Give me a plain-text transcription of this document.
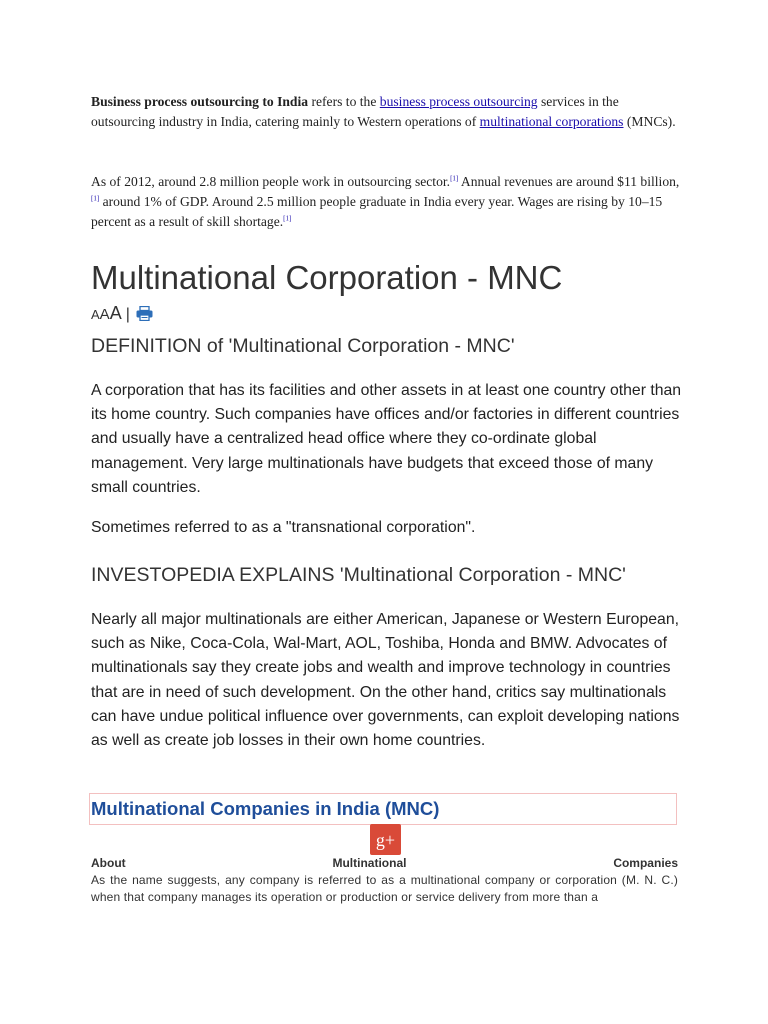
Business process outsourcing to India refers to the business process outsourcing services in the outsourcing industry in India, catering mainly to Western operations of multinational corporations (MNCs).

As of 2012, around 2.8 million people work in outsourcing sector.[1] Annual revenues are around $11 billion,[1] around 1% of GDP. Around 2.5 million people graduate in India every year. Wages are rising by 10–15 percent as a result of skill shortage.[1]

Multinational Corporation - MNC
A A A |
DEFINITION of 'Multinational Corporation - MNC'

A corporation that has its facilities and other assets in at least one country other than its home country. Such companies have offices and/or factories in different countries and usually have a centralized head office where they co-ordinate global management. Very large multinationals have budgets that exceed those of many small countries.

Sometimes referred to as a "transnational corporation".

INVESTOPEDIA EXPLAINS 'Multinational Corporation - MNC'

Nearly all major multinationals are either American, Japanese or Western European, such as Nike, Coca-Cola, Wal-Mart, AOL, Toshiba, Honda and BMW. Advocates of multinationals say they create jobs and wealth and improve technology in countries that are in need of such development. On the other hand, critics say multinationals can have undue political influence over governments, can exploit developing nations as well as create job losses in their own home countries.

Multinational Companies in India (MNC)
g+
About	Multinational	Companies

As the name suggests, any company is referred to as a multinational company or corporation (M. N. C.) when that company manages its operation or production or service delivery from more than a
